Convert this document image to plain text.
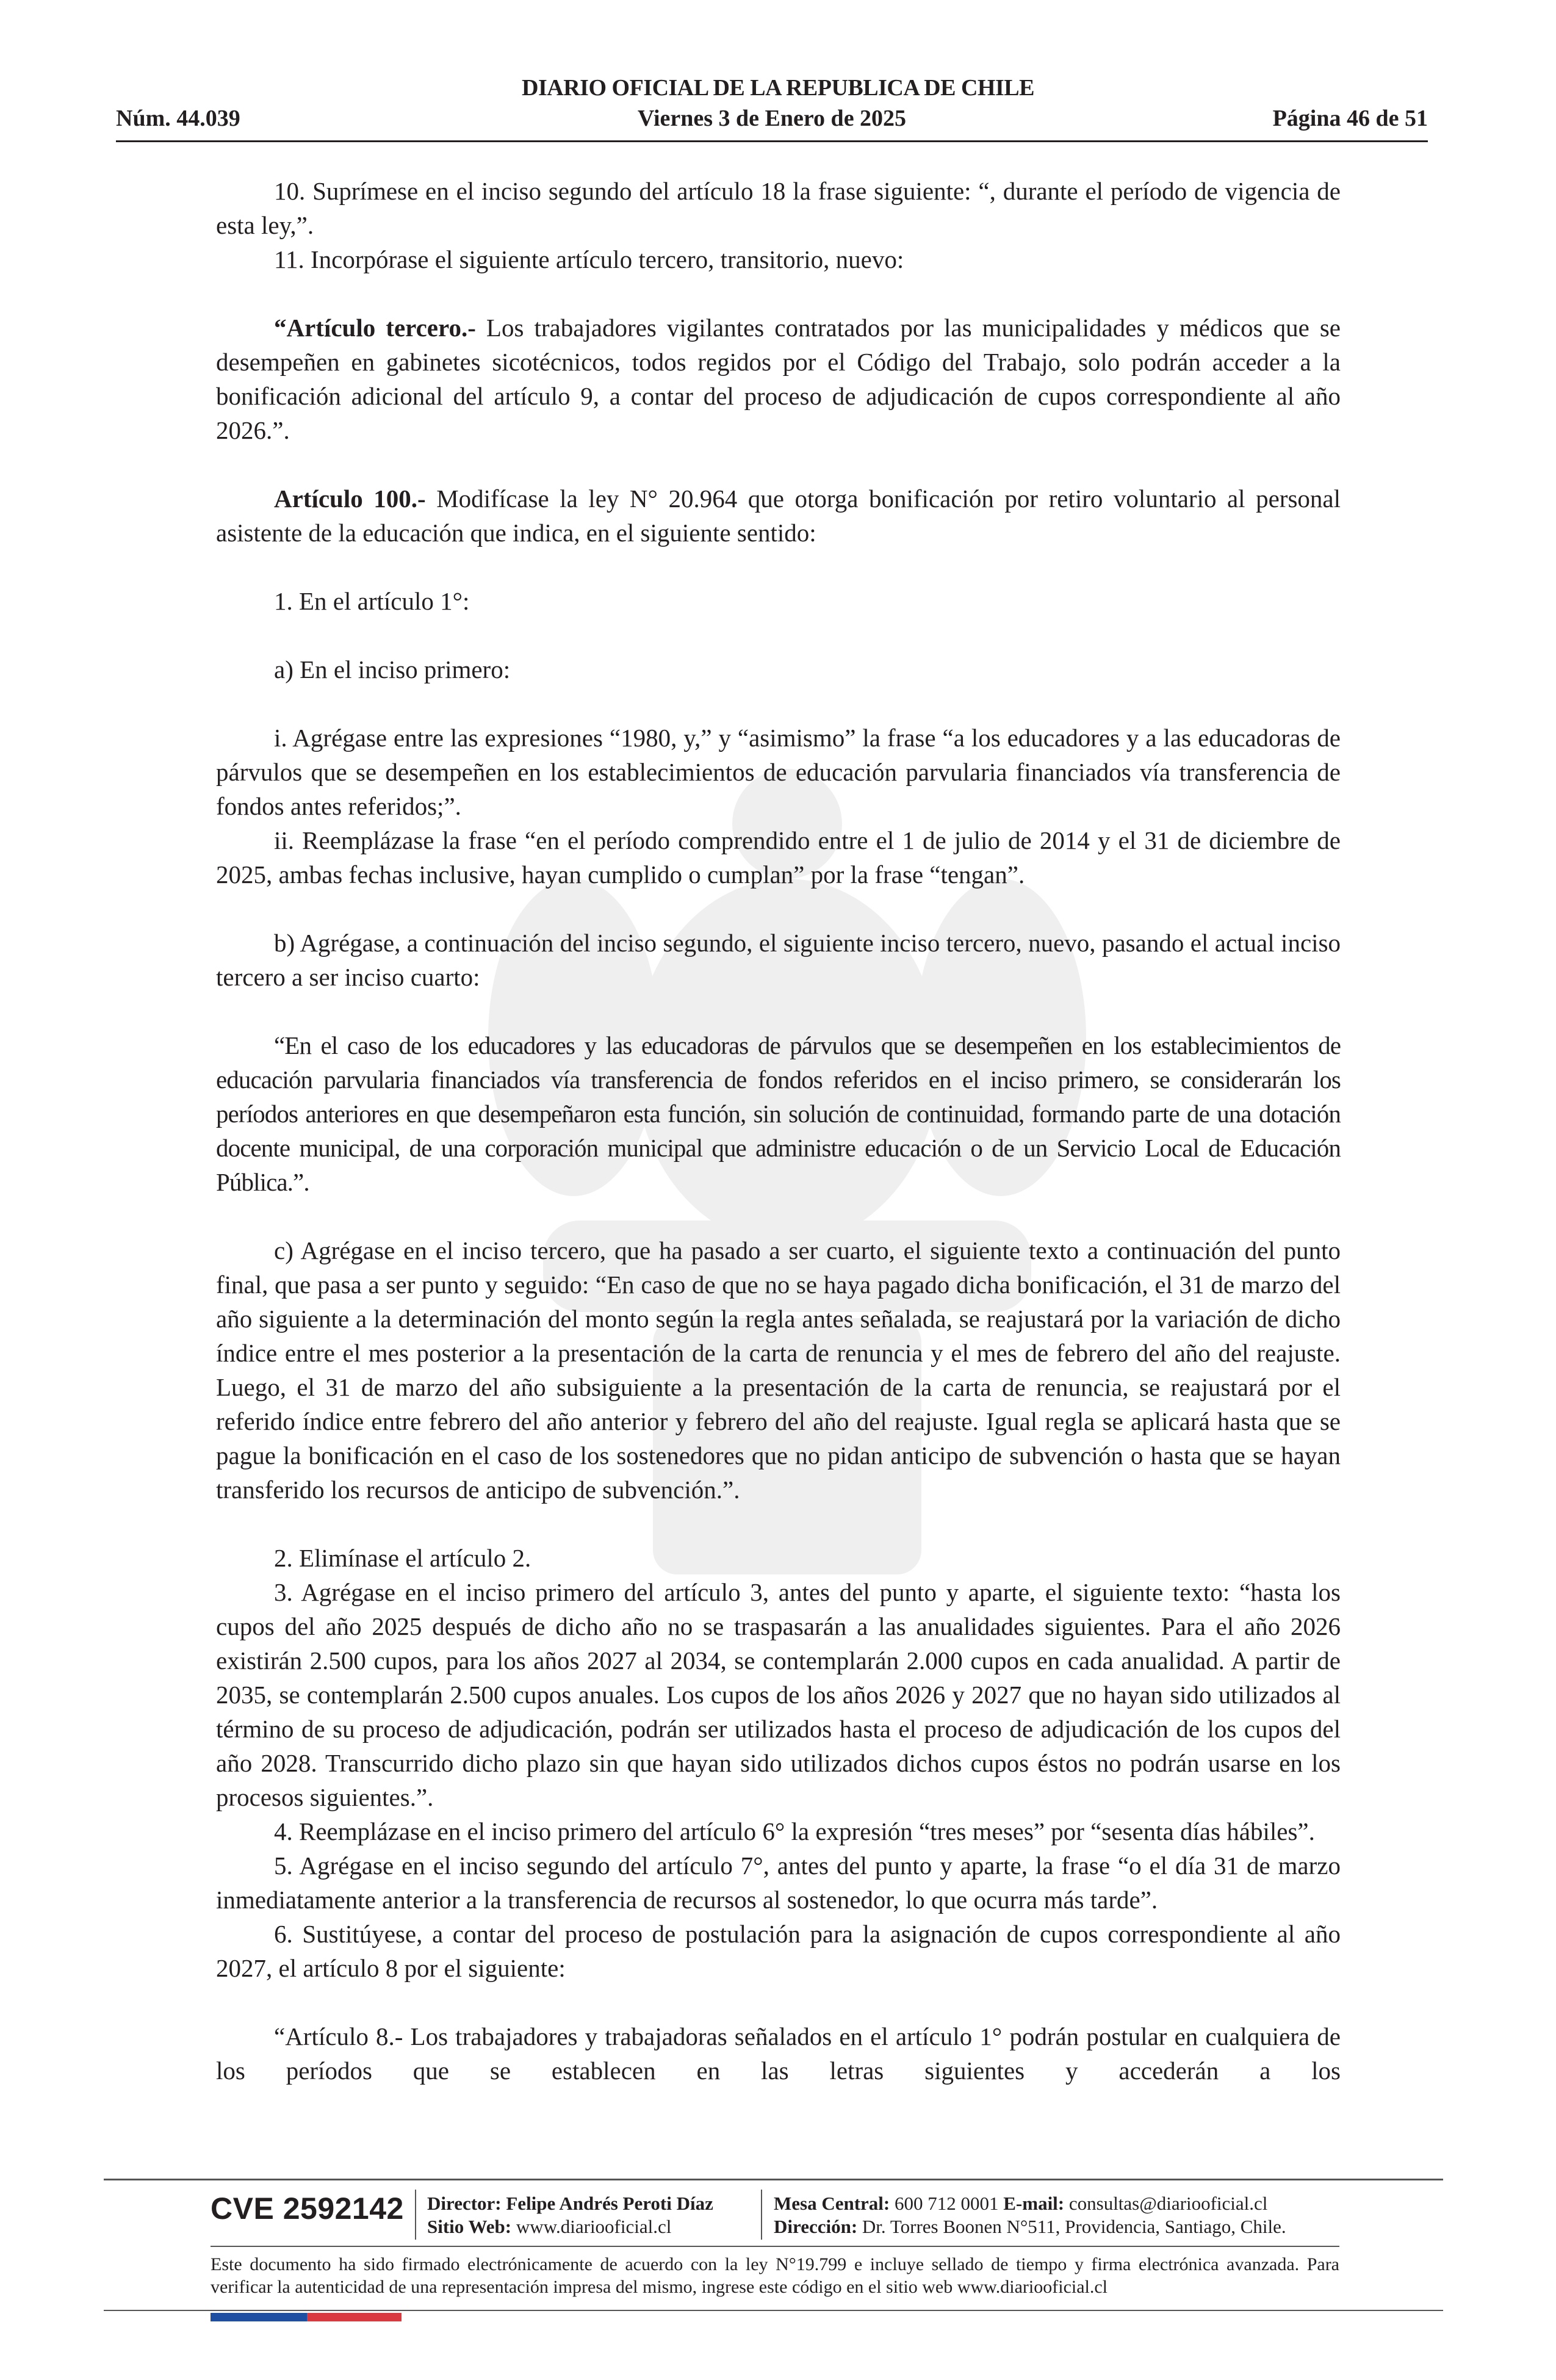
DIARIO OFICIAL DE LA REPUBLICA DE CHILE
Núm. 44.039	Viernes 3 de Enero de 2025	Página 46 de 51

10. Suprímese en el inciso segundo del artículo 18 la frase siguiente: “, durante el período de vigencia de esta ley,”.

11. Incorpórase el siguiente artículo tercero, transitorio, nuevo:

“Artículo tercero.- Los trabajadores vigilantes contratados por las municipalidades y médicos que se desempeñen en gabinetes sicotécnicos, todos regidos por el Código del Trabajo, solo podrán acceder a la bonificación adicional del artículo 9, a contar del proceso de adjudicación de cupos correspondiente al año 2026.”.

Artículo 100.- Modifícase la ley N° 20.964 que otorga bonificación por retiro voluntario al personal asistente de la educación que indica, en el siguiente sentido:

1. En el artículo 1°:

a) En el inciso primero:

i. Agrégase entre las expresiones “1980, y,” y “asimismo” la frase “a los educadores y a las educadoras de párvulos que se desempeñen en los establecimientos de educación parvularia financiados vía transferencia de fondos antes referidos;”.

ii. Reemplázase la frase “en el período comprendido entre el 1 de julio de 2014 y el 31 de diciembre de 2025, ambas fechas inclusive, hayan cumplido o cumplan” por la frase “tengan”.

b) Agrégase, a continuación del inciso segundo, el siguiente inciso tercero, nuevo, pasando el actual inciso tercero a ser inciso cuarto:

“En el caso de los educadores y las educadoras de párvulos que se desempeñen en los establecimientos de educación parvularia financiados vía transferencia de fondos referidos en el inciso primero, se considerarán los períodos anteriores en que desempeñaron esta función, sin solución de continuidad, formando parte de una dotación docente municipal, de una corporación municipal que administre educación o de un Servicio Local de Educación Pública.”.

c) Agrégase en el inciso tercero, que ha pasado a ser cuarto, el siguiente texto a continuación del punto final, que pasa a ser punto y seguido: “En caso de que no se haya pagado dicha bonificación, el 31 de marzo del año siguiente a la determinación del monto según la regla antes señalada, se reajustará por la variación de dicho índice entre el mes posterior a la presentación de la carta de renuncia y el mes de febrero del año del reajuste. Luego, el 31 de marzo del año subsiguiente a la presentación de la carta de renuncia, se reajustará por el referido índice entre febrero del año anterior y febrero del año del reajuste. Igual regla se aplicará hasta que se pague la bonificación en el caso de los sostenedores que no pidan anticipo de subvención o hasta que se hayan transferido los recursos de anticipo de subvención.”.

2. Elimínase el artículo 2.

3. Agrégase en el inciso primero del artículo 3, antes del punto y aparte, el siguiente texto: “hasta los cupos del año 2025 después de dicho año no se traspasarán a las anualidades siguientes. Para el año 2026 existirán 2.500 cupos, para los años 2027 al 2034, se contemplarán 2.000 cupos en cada anualidad. A partir de 2035, se contemplarán 2.500 cupos anuales. Los cupos de los años 2026 y 2027 que no hayan sido utilizados al término de su proceso de adjudicación, podrán ser utilizados hasta el proceso de adjudicación de los cupos del año 2028. Transcurrido dicho plazo sin que hayan sido utilizados dichos cupos éstos no podrán usarse en los procesos siguientes.”.

4. Reemplázase en el inciso primero del artículo 6° la expresión “tres meses” por “sesenta días hábiles”.

5. Agrégase en el inciso segundo del artículo 7°, antes del punto y aparte, la frase “o el día 31 de marzo inmediatamente anterior a la transferencia de recursos al sostenedor, lo que ocurra más tarde”.

6. Sustitúyese, a contar del proceso de postulación para la asignación de cupos correspondiente al año 2027, el artículo 8 por el siguiente:

“Artículo 8.- Los trabajadores y trabajadoras señalados en el artículo 1° podrán postular en cualquiera de los períodos que se establecen en las letras siguientes y accederán a los

CVE 2592142 Director: Felipe Andrés Peroti Díaz
Sitio Web: www.diariooficial.cl
Mesa Central: 600 712 0001 E-mail: consultas@diariooficial.cl
Dirección: Dr. Torres Boonen N°511, Providencia, Santiago, Chile.
Este documento ha sido firmado electrónicamente de acuerdo con la ley N°19.799 e incluye sellado de tiempo y firma electrónica avanzada. Para verificar la autenticidad de una representación impresa del mismo, ingrese este código en el sitio web www.diariooficial.cl
